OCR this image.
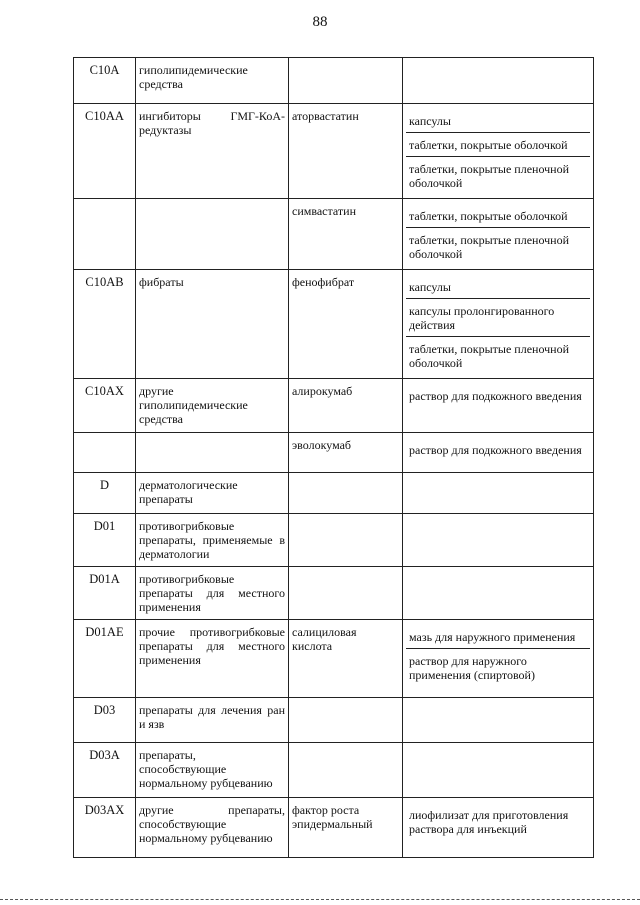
88
C10A	гиполипидемические средства		

C10AA	ингибиторы ГМГ-КоА-редуктазы	аторвастатин	капсулы
таблетки, покрытые оболочкой
таблетки, покрытые пленочной оболочкой

		симвастатин	таблетки, покрытые оболочкой
таблетки, покрытые пленочной оболочкой

C10AB	фибраты	фенофибрат	капсулы
капсулы пролонгированного действия
таблетки, покрытые пленочной оболочкой

C10AX	другие гиполипидемические средства	алирокумаб	раствор для подкожного введения

		эволокумаб	раствор для подкожного введения

D	дерматологические препараты		

D01	противогрибковые препараты, применяемые в дерматологии		

D01A	противогрибковые препараты для местного применения		

D01AE	прочие противогрибковые препараты для местного применения	салициловая кислота	мазь для наружного применения
раствор для наружного применения (спиртовой)

D03	препараты для лечения ран и язв		

D03A	препараты, способствующие нормальному рубцеванию		

D03AX	другие препараты, способствующие нормальному рубцеванию	фактор роста эпидермальный	лиофилизат для приготовления раствора для инъекций
